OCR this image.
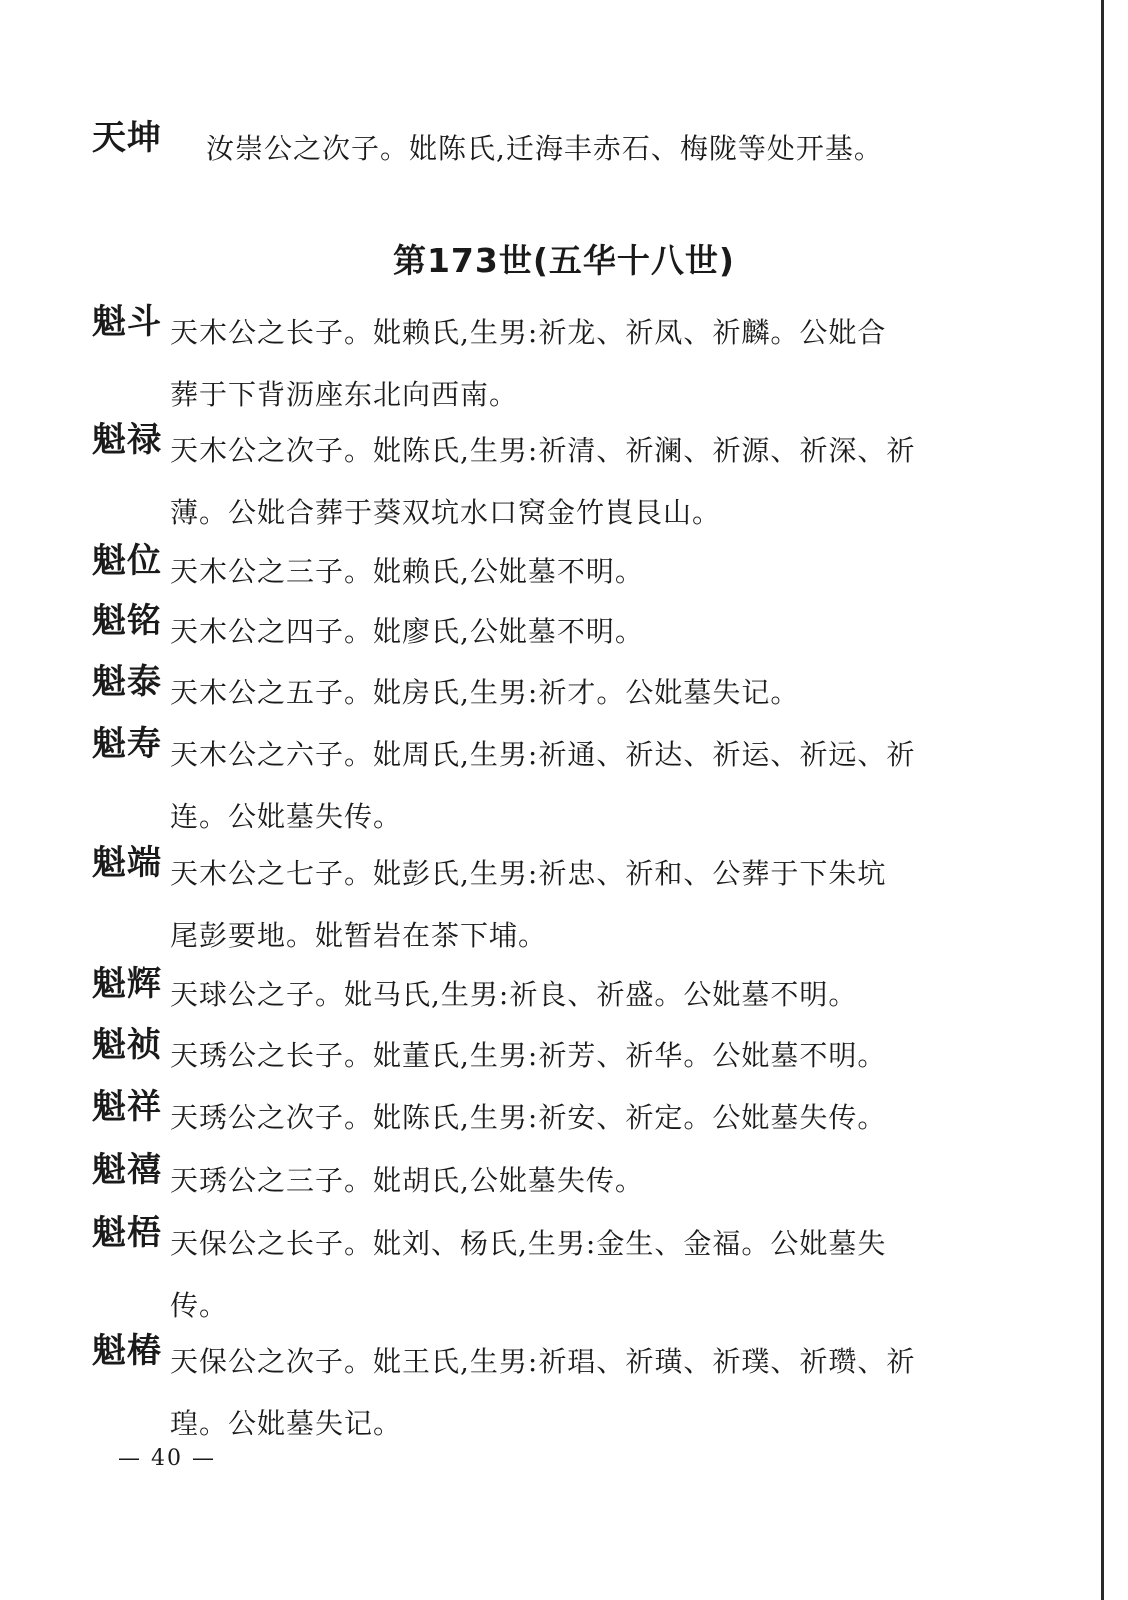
天坤 汝崇公之次子。妣陈氏,迁海丰赤石、梅陇等处开基。
第173世(五华十八世)
魁斗 天木公之长子。妣赖氏,生男:祈龙、祈凤、祈麟。公妣合
葬于下背沥座东北向西南。
魁禄 天木公之次子。妣陈氏,生男:祈清、祈澜、祈源、祈深、祈
薄。公妣合葬于葵双坑水口窝金竹崀艮山。
魁位 天木公之三子。妣赖氏,公妣墓不明。
魁铭 天木公之四子。妣廖氏,公妣墓不明。
魁泰 天木公之五子。妣房氏,生男:祈才。公妣墓失记。
魁寿 天木公之六子。妣周氏,生男:祈通、祈达、祈运、祈远、祈
连。公妣墓失传。
魁端 天木公之七子。妣彭氏,生男:祈忠、祈和、公葬于下朱坑
尾彭要地。妣暂岩在茶下埔。
魁辉 天球公之子。妣马氏,生男:祈良、祈盛。公妣墓不明。
魁祯 天琇公之长子。妣董氏,生男:祈芳、祈华。公妣墓不明。
魁祥 天琇公之次子。妣陈氏,生男:祈安、祈定。公妣墓失传。
魁禧 天琇公之三子。妣胡氏,公妣墓失传。
魁梧 天保公之长子。妣刘、杨氏,生男:金生、金福。公妣墓失
传。
魁椿 天保公之次子。妣王氏,生男:祈琩、祈璜、祈璞、祈瓒、祈
瑝。公妣墓失记。
— 40 —
